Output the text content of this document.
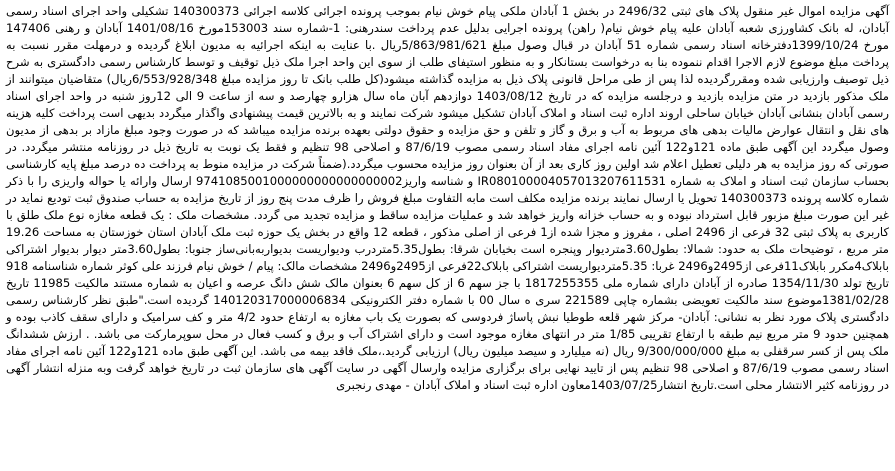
آگهی مزایده اموال غیر منقول پلاک های ثبتی 2496/32 در بخش 1 آبادان ملکی پیام خوش نیام بموجب پرونده اجرائی کلاسه اجرائی 140300373 تشکیلی واحد اجرای اسناد رسمی آبادان، له بانک کشاورزی شعبه آبادان علیه پیام خوش نیام( راهن) پرونده اجرایی بدلیل عدم پرداخت سندرهنی: 1-شماره سند 153003مورخ 1401/08/16 آبادان و رهنی 147406 مورخ 1399/10/24دفترخانه اسناد رسمی شماره 51 آبادان در قبال وصول مبلغ 5/863/981/621ریال .با عنایت به اینکه اجرائیه به مدیون ابلاغ گردیده و درمهلت مقرر نسبت به پرداخت مبلغ موضوع لازم الاجرا اقدام ننموده بنا به درخواست بستانکار و به منظور استیفای طلب از سوی این واحد اجرا ملک ذیل توقیف و توسط کارشناس رسمی دادگستری به شرح ذیل توصیف وارزیابی شده ومقررگردیده لذا پس از طی مراحل قانونی پلاک ذیل به مزایده گذاشته میشود(کل طلب بانک تا روز مزایده مبلغ 6/553/928/348ریال) متقاضیان میتوانند از ملک مذکور بازدید در متن مزایده بازدید و درجلسه مزایده که در تاریخ 1403/08/12 دوازدهم آبان ماه سال هزارو چهارصد و سه از ساعت 9 الی 12روز شنبه در واحد اجرای اسناد رسمی آبادان بنشانی آبادان خیابان ساحلی اروند اداره ثبت اسناد و املاک آبادان تشکیل میشود شرکت نمایند و به بالاترین قیمت پیشنهادی واگذار میگردد بدیهی است پرداخت کلیه هزینه های نقل و انتقال عوارض مالیات بدهی های مربوط به آب و برق و گاز و تلفن و حق مزایده و حقوق دولتی بعهده برنده مزایده میباشد که در صورت وجود مبلغ مازاد بر بدهی از مدیون وصول میگردد این آگهی طبق ماده 121و122 آئین نامه اجرای مفاد اسناد رسمی مصوب 87/6/19 و اصلاحی 98 تنظیم و فقط یک نوبت به تاریخ ذیل در روزنامه منتشر میگردد. در صورتی که روز مزایده به هر دلیلی تعطیل اعلام شد اولین روز کاری بعد از آن بعنوان روز مزایده محسوب میگردد.(ضمناً شرکت در مزایده منوط به پرداخت ده درصد مبلغ پایه کارشناسی بحساب سازمان ثبت اسناد و املاک به شماره IR080100004057013207611531 و شناسه واریز9741085001000000000000000002 ارسال وارائه یا حواله واریزی را با ذکر شماره کلاسه پرونده 140300373 تحویل یا ارسال نمایند برنده مزایده مکلف است مابه التفاوت مبلغ فروش را ظرف مدت پنج روز از تاریخ مزایده به حساب صندوق ثبت تودیع نماید در غیر این صورت مبلغ مزبور قابل استرداد نبوده و به حساب خزانه واریز خواهد شد و عملیات مزایده ساقط و مزایده تجدید می گردد. مشخصات ملک : یک قطعه مغازه نوع ملک طلق با کاربری به پلاک ثبتی 32 فرعی از 2496 اصلی ، مفروز و مجزا شده از1 فرعی از اصلی مذکور ، قطعه 12 واقع در بخش یک حوزه ثبت ملک آبادان استان خوزستان به مساحت 19.26 متر مربع ، توضیحات ملک به حدود: شمالا: بطول3.60متردیوار وپنجره است بخیابان شرقا: بطول5.35متردرب ودیواریست بدیواربه‌بانی‌ساز جنوبا: بطول3.60متر دیوار بدیوار اشتراکی بابلاک4مکرر بابلاک11فرعی از2495و2496 غربا: 5.35متردیواریست اشتراکی بابلاک22فرعی از2495و2496 مشخصات مالک: پیام / خوش نیام فرزند علی کوثر شماره شناسنامه 918 تاریخ تولد 1354/11/30 صادره از آبادان دارای شماره ملی 1817255355 با جز سهم 6 از کل سهم 6 بعنوان مالک شش دانگ عرصه و اعیان به شماره مستند مالکیت 11985 تاریخ 1381/02/28موضوع سند مالکیت تعویضی بشماره چاپی 221589 سری ه سال 00 با شماره دفتر الکترونیکی 140120317000006834 گردیده است."طبق نظر کارشناس رسمی دادگستری پلاک مورد نظر به نشانی: آبادان- مرکز شهر قلعه طوطیا نبش پاساژ فردوسی که بصورت یک باب مغازه به ارتفاع حدود 4/2 متر و کف سرامیک و دارای سقف کاذب بوده و همچنین حدود 9 متر مربع نیم طبقه با ارتفاع تقریبی 1/85 متر در انتهای مغازه موجود است و دارای اشتراک آب و برق و کسب فعال در محل سوپرمارکت می باشد. . ارزش ششدانگ ملک پس از کسر سرقفلی به مبلغ 9/300/000/000 ریال (نه میلیارد و سیصد میلیون ریال) ارزیابی گردید.،ملک فاقد بیمه می باشد. این آگهی طبق ماده 121و122 آئین نامه اجرای مفاد اسناد رسمی مصوب 87/6/19 و اصلاحی 98 تنظیم پس از تایید نهایی برای برگزاری مزایده وارسال آگهی در سایت آگهی های سازمان ثبت در تاریخ خواهد گرفت وبه منزله انتشار آگهی در روزنامه کثیر الانتشار محلی است.تاریخ انتشار1403/07/25معاون اداره ثبت اسناد و املاک آبادان - مهدی رنجبری
